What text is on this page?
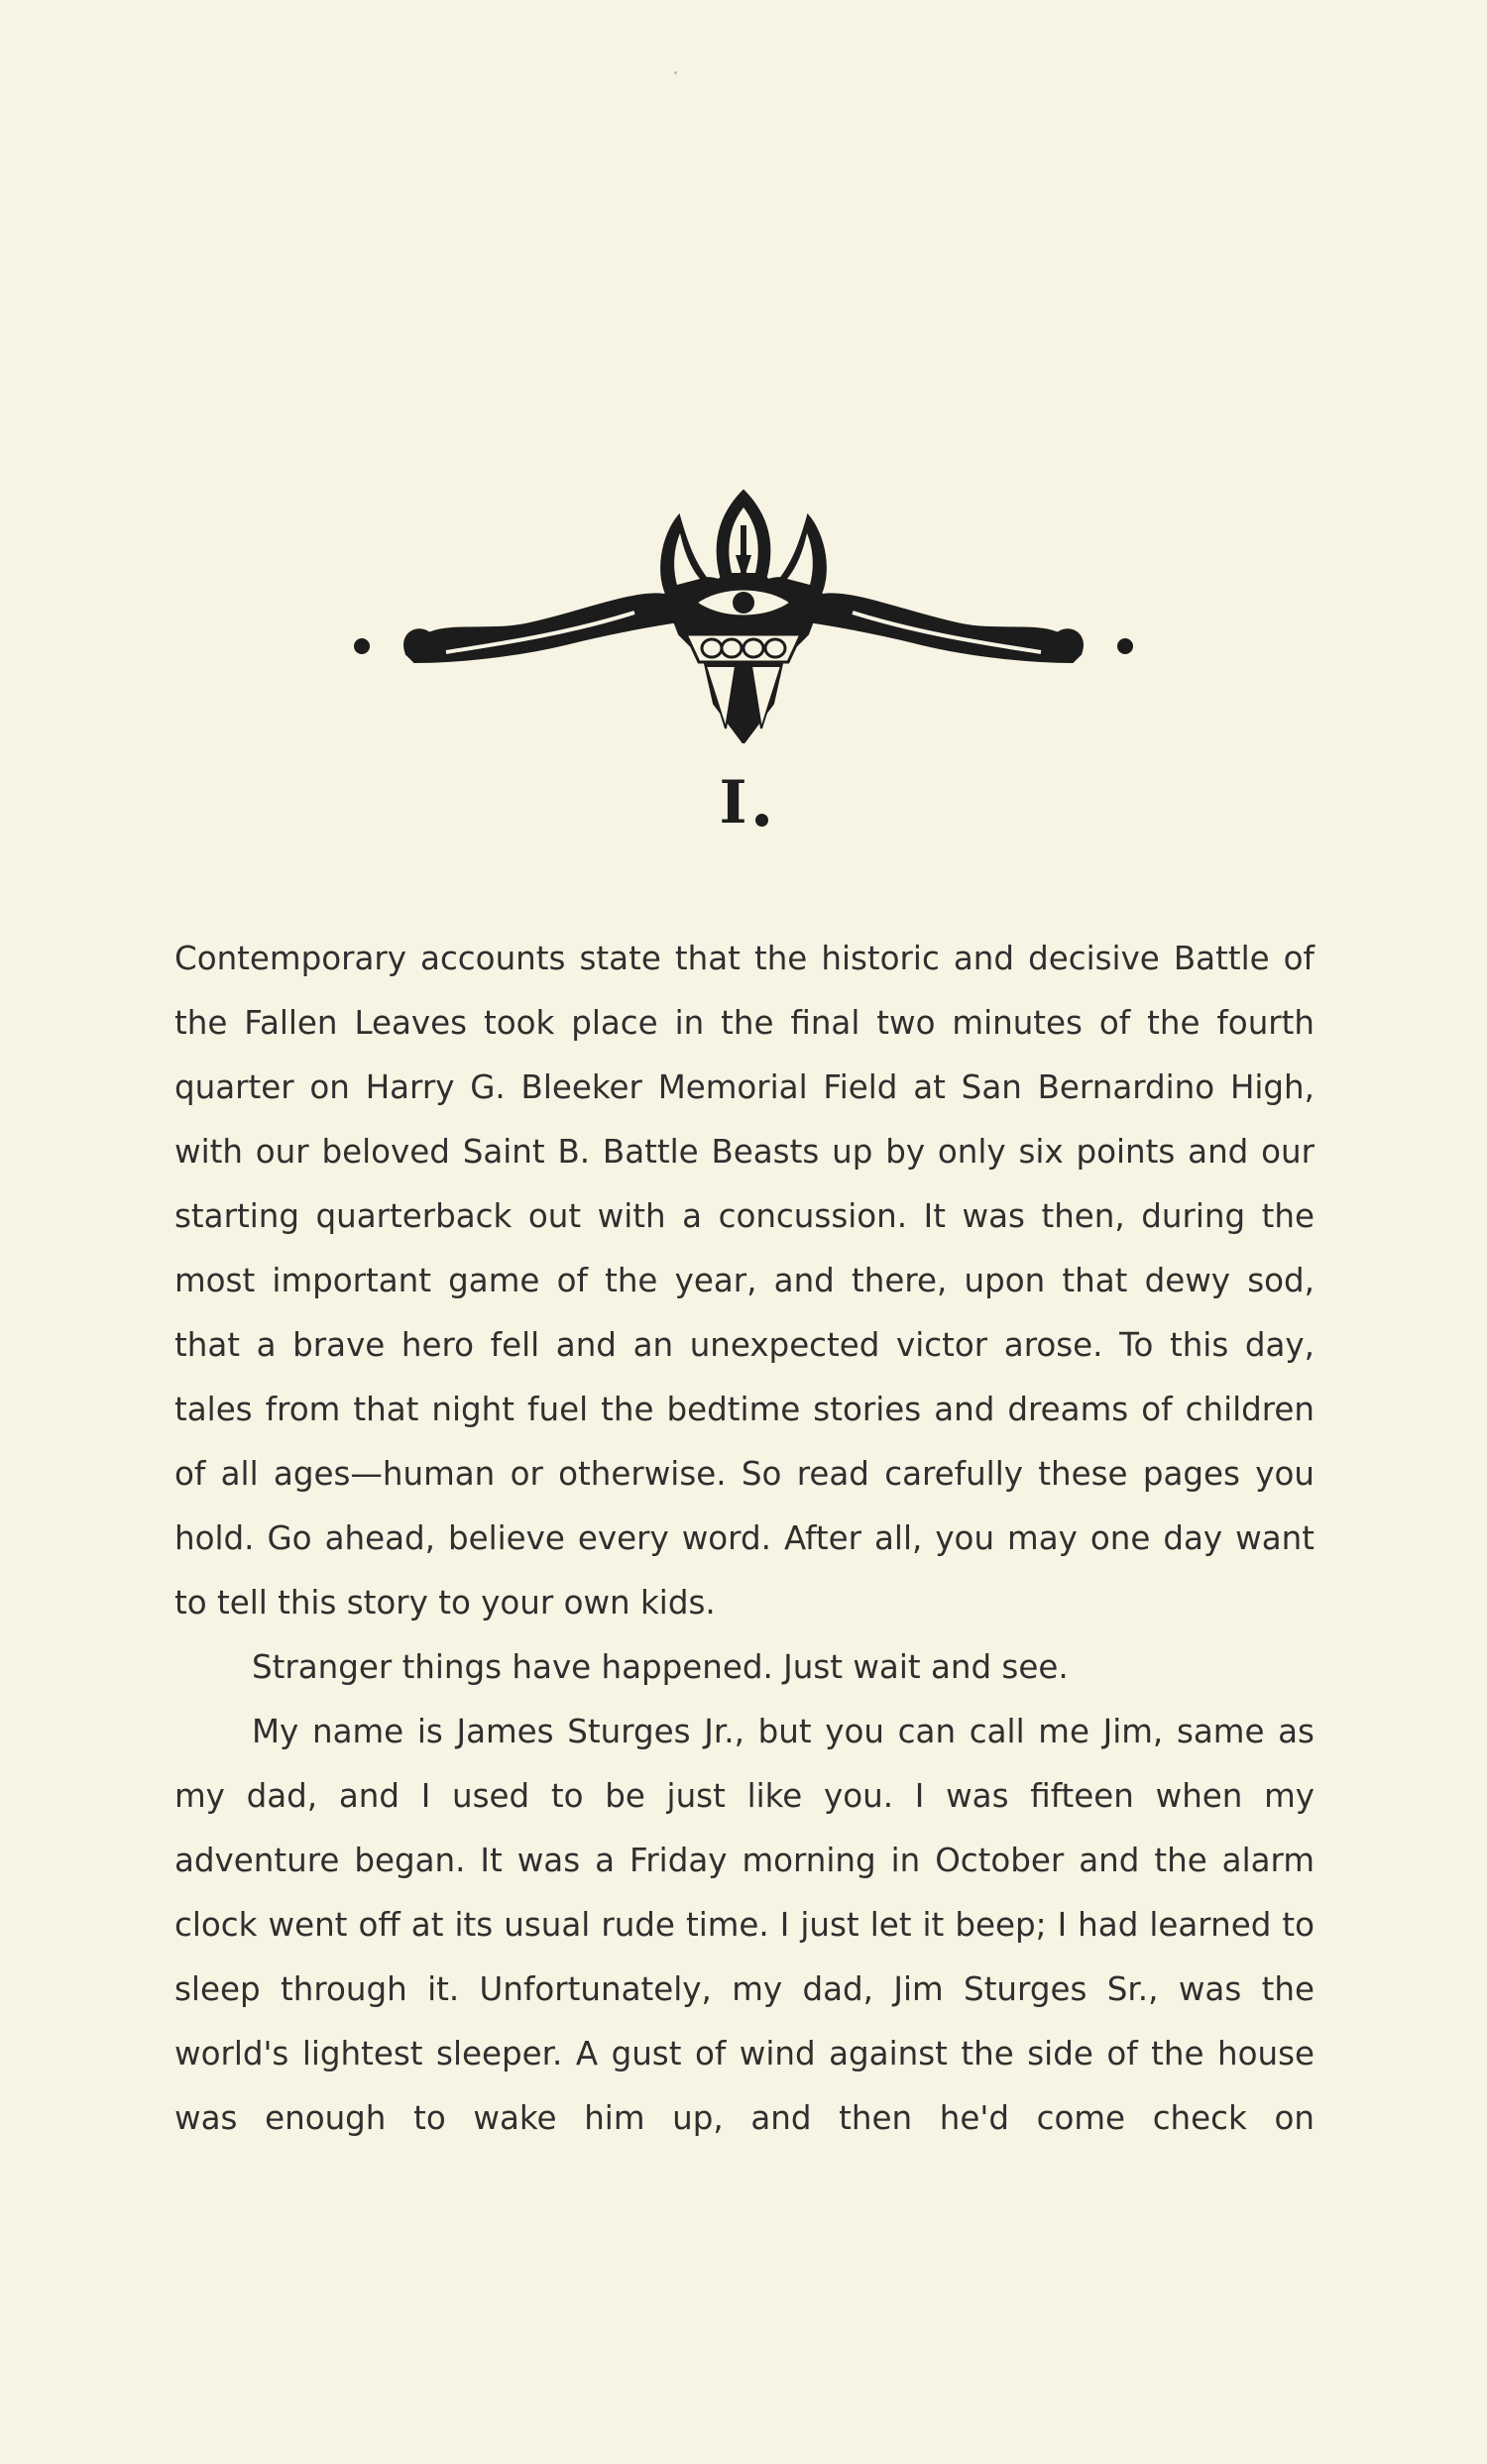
I

Contemporary accounts state that the historic and decisive Battle of the Fallen Leaves took place in the final two minutes of the fourth quarter on Harry G. Bleeker Memorial Field at San Bernardino High, with our beloved Saint B. Battle Beasts up by only six points and our starting quarterback out with a concussion. It was then, during the most important game of the year, and there, upon that dewy sod, that a brave hero fell and an unexpected victor arose. To this day, tales from that night fuel the bedtime stories and dreams of children of all ages—human or otherwise. So read carefully these pages you hold. Go ahead, believe every word. After all, you may one day want to tell this story to your own kids.

Stranger things have happened. Just wait and see.

My name is James Sturges Jr., but you can call me Jim, same as my dad, and I used to be just like you. I was fifteen when my adventure began. It was a Friday morning in October and the alarm clock went off at its usual rude time. I just let it beep; I had learned to sleep through it. Unfortunately, my dad, Jim Sturges Sr., was the world's lightest sleeper. A gust of wind against the side of the house was enough to wake him up, and then he'd come check on
